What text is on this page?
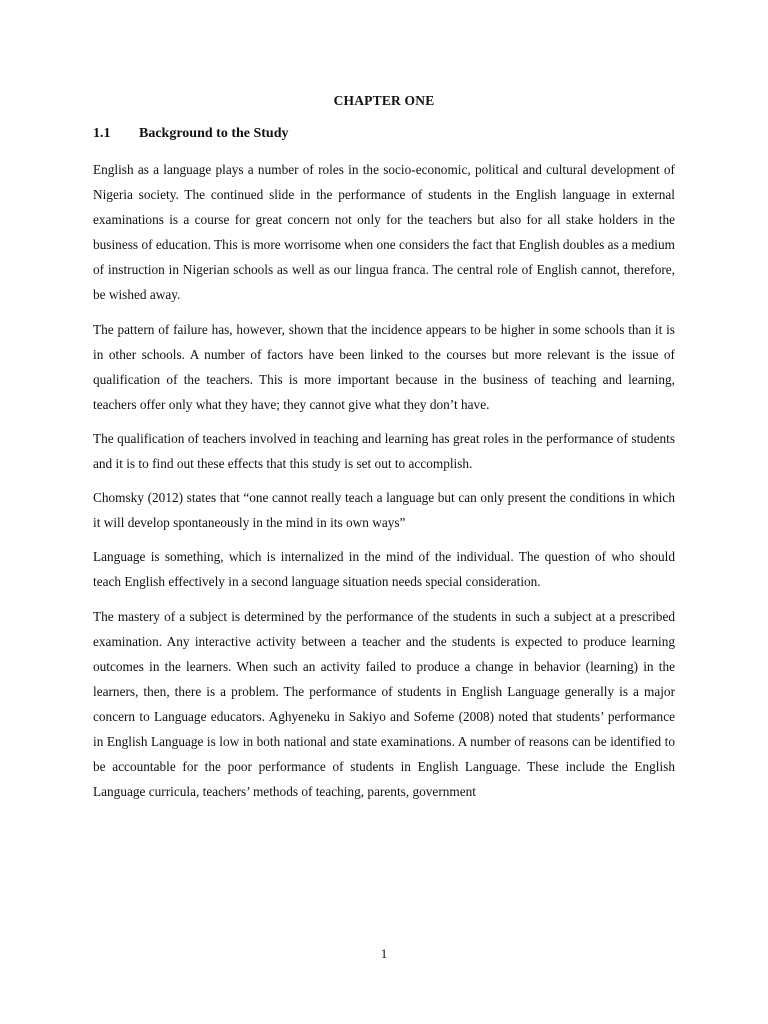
CHAPTER ONE
1.1 Background to the Study

English as a language plays a number of roles in the socio-economic, political and cultural development of Nigeria society. The continued slide in the performance of students in the English language in external examinations is a course for great concern not only for the teachers but also for all stake holders in the business of education. This is more worrisome when one considers the fact that English doubles as a medium of instruction in Nigerian schools as well as our lingua franca. The central role of English cannot, therefore, be wished away.

The pattern of failure has, however, shown that the incidence appears to be higher in some schools than it is in other schools. A number of factors have been linked to the courses but more relevant is the issue of qualification of the teachers. This is more important because in the business of teaching and learning, teachers offer only what they have; they cannot give what they don’t have.

The qualification of teachers involved in teaching and learning has great roles in the performance of students and it is to find out these effects that this study is set out to accomplish.

Chomsky (2012) states that “one cannot really teach a language but can only present the conditions in which it will develop spontaneously in the mind in its own ways”

Language is something, which is internalized in the mind of the individual. The question of who should teach English effectively in a second language situation needs special consideration.

The mastery of a subject is determined by the performance of the students in such a subject at a prescribed examination. Any interactive activity between a teacher and the students is expected to produce learning outcomes in the learners. When such an activity failed to produce a change in behavior (learning) in the learners, then, there is a problem. The performance of students in English Language generally is a major concern to Language educators. Aghyeneku in Sakiyo and Sofeme (2008) noted that students’ performance in English Language is low in both national and state examinations. A number of reasons can be identified to be accountable for the poor performance of students in English Language. These include the English Language curricula, teachers’ methods of teaching, parents, government

1
